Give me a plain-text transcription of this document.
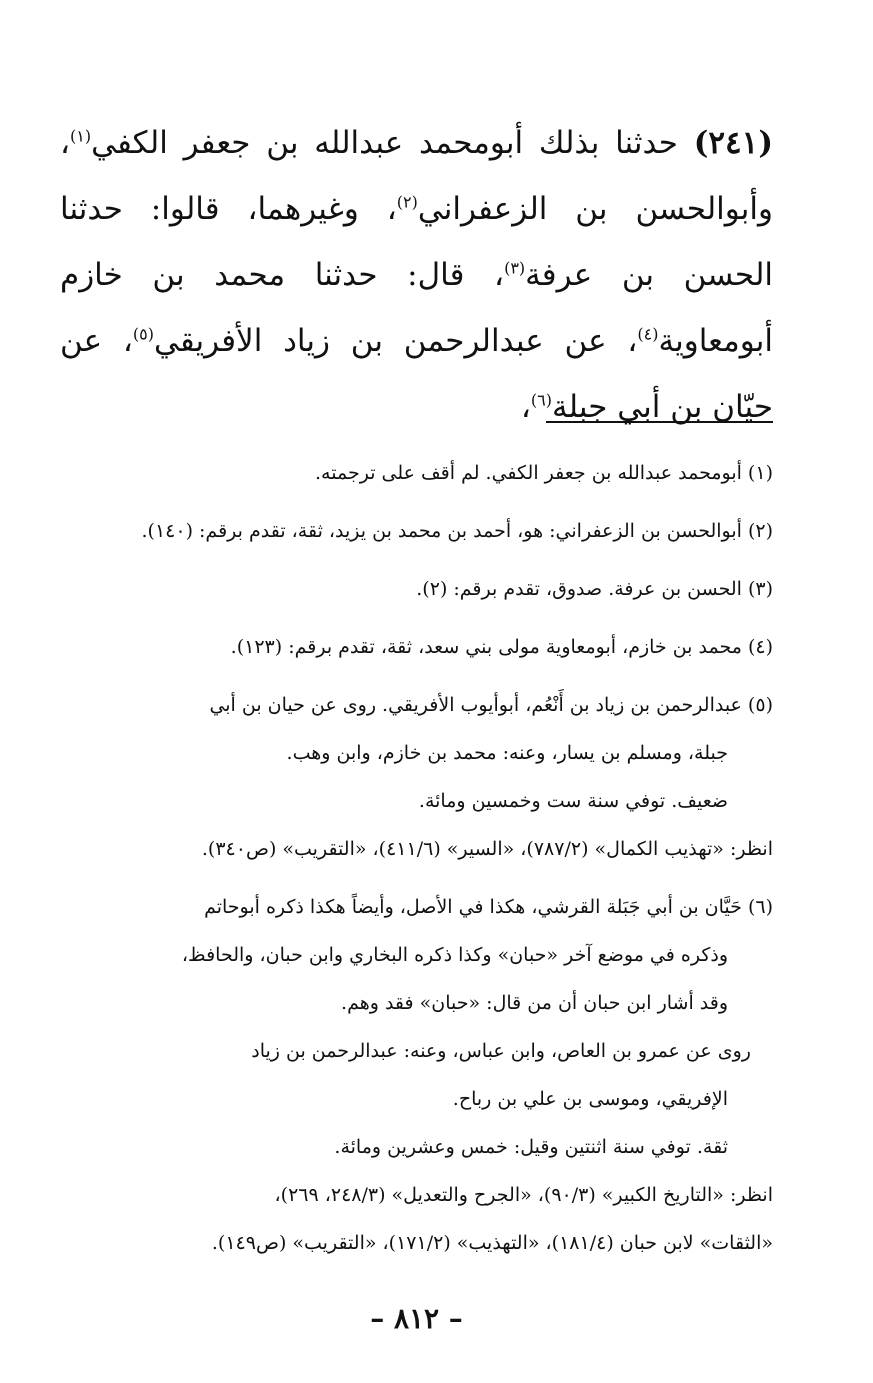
(٢٤١) حدثنا بذلك أبومحمد عبدالله بن جعفر الكفي$^{(١)}$، وأبوالحسن بن الزعفراني$^{(٢)}$، وغيرهما، قالوا: حدثنا الحسن بن عرفة$^{(٣)}$، قال: حدثنا محمد بن خازم أبومعاوية$^{(٤)}$، عن عبدالرحمن بن زياد الأفريقي$^{(٥)}$، عن حيّان بن أبي جبلة$^{(٦)}$،

(١) أبومحمد عبدالله بن جعفر الكفي. لم أقف على ترجمته.
(٢) أبوالحسن بن الزعفراني: هو، أحمد بن محمد بن يزيد، ثقة، تقدم برقم: (١٤٠).
(٣) الحسن بن عرفة. صدوق، تقدم برقم: (٢).
(٤) محمد بن خازم، أبومعاوية مولى بني سعد، ثقة، تقدم برقم: (١٢٣).
(٥) عبدالرحمن بن زياد بن أَنْعُم، أبوأيوب الأفريقي. روى عن حيان بن أبي
جبلة، ومسلم بن يسار، وعنه: محمد بن خازم، وابن وهب.
ضعيف. توفي سنة ست وخمسين ومائة.
انظر: «تهذيب الكمال» (٧٨٧/٢)، «السير» (٤١١/٦)، «التقريب» (ص٣٤٠).
(٦) حَيَّان بن أبي جَبَلة القرشي، هكذا في الأصل، وأيضاً هكذا ذكره أبوحاتم
وذكره في موضع آخر «حبان» وكذا ذكره البخاري وابن حبان، والحافظ،
وقد أشار ابن حبان أن من قال: «حبان» فقد وهم.
روى عن عمرو بن العاص، وابن عباس، وعنه: عبدالرحمن بن زياد
الإفريقي، وموسى بن علي بن رباح.
ثقة. توفي سنة اثنتين وقيل: خمس وعشرين ومائة.
انظر: «التاريخ الكبير» (٩٠/٣)، «الجرح والتعديل» (٢٤٨/٣، ٢٦٩)،
«الثقات» لابن حبان (١٨١/٤)، «التهذيب» (١٧١/٢)، «التقريب» (ص١٤٩).
– ٨١٢ –
